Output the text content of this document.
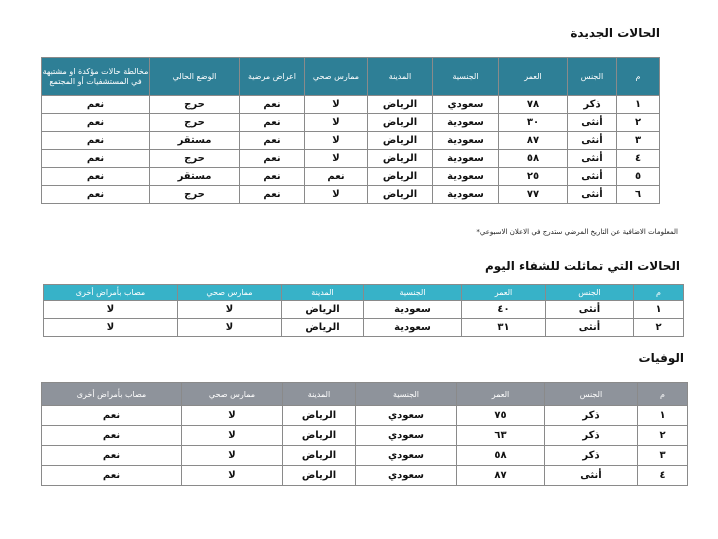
الحالات الجديدة
م	الجنس	العمر	الجنسية	المدينة	ممارس صحي	اعراض مرضية	الوضع الحالي	مخالطة حالات مؤكدة او مشتبهة في المستشفيات أو المجتمع
١	ذكر	٧٨	سعودي	الرياض	لا	نعم	حرج	نعم
٢	أنثى	٣٠	سعودية	الرياض	لا	نعم	حرج	نعم
٣	أنثى	٨٧	سعودية	الرياض	لا	نعم	مستقر	نعم
٤	أنثى	٥٨	سعودية	الرياض	لا	نعم	حرج	نعم
٥	أنثى	٢٥	سعودية	الرياض	نعم	نعم	مستقر	نعم
٦	أنثى	٧٧	سعودية	الرياض	لا	نعم	حرج	نعم
المعلومات الاضافية عن التاريخ المرضي ستدرج في الاعلان الاسبوعي*
الحالات التي تماثلت للشفاء اليوم
م	الجنس	العمر	الجنسية	المدينة	ممارس صحي	مصاب بأمراض أخرى
١	أنثى	٤٠	سعودية	الرياض	لا	لا
٢	أنثى	٣١	سعودية	الرياض	لا	لا
الوفيات
م	الجنس	العمر	الجنسية	المدينة	ممارس صحي	مصاب بأمراض أخرى
١	ذكر	٧٥	سعودي	الرياض	لا	نعم
٢	ذكر	٦٣	سعودي	الرياض	لا	نعم
٣	ذكر	٥٨	سعودي	الرياض	لا	نعم
٤	أنثى	٨٧	سعودي	الرياض	لا	نعم
